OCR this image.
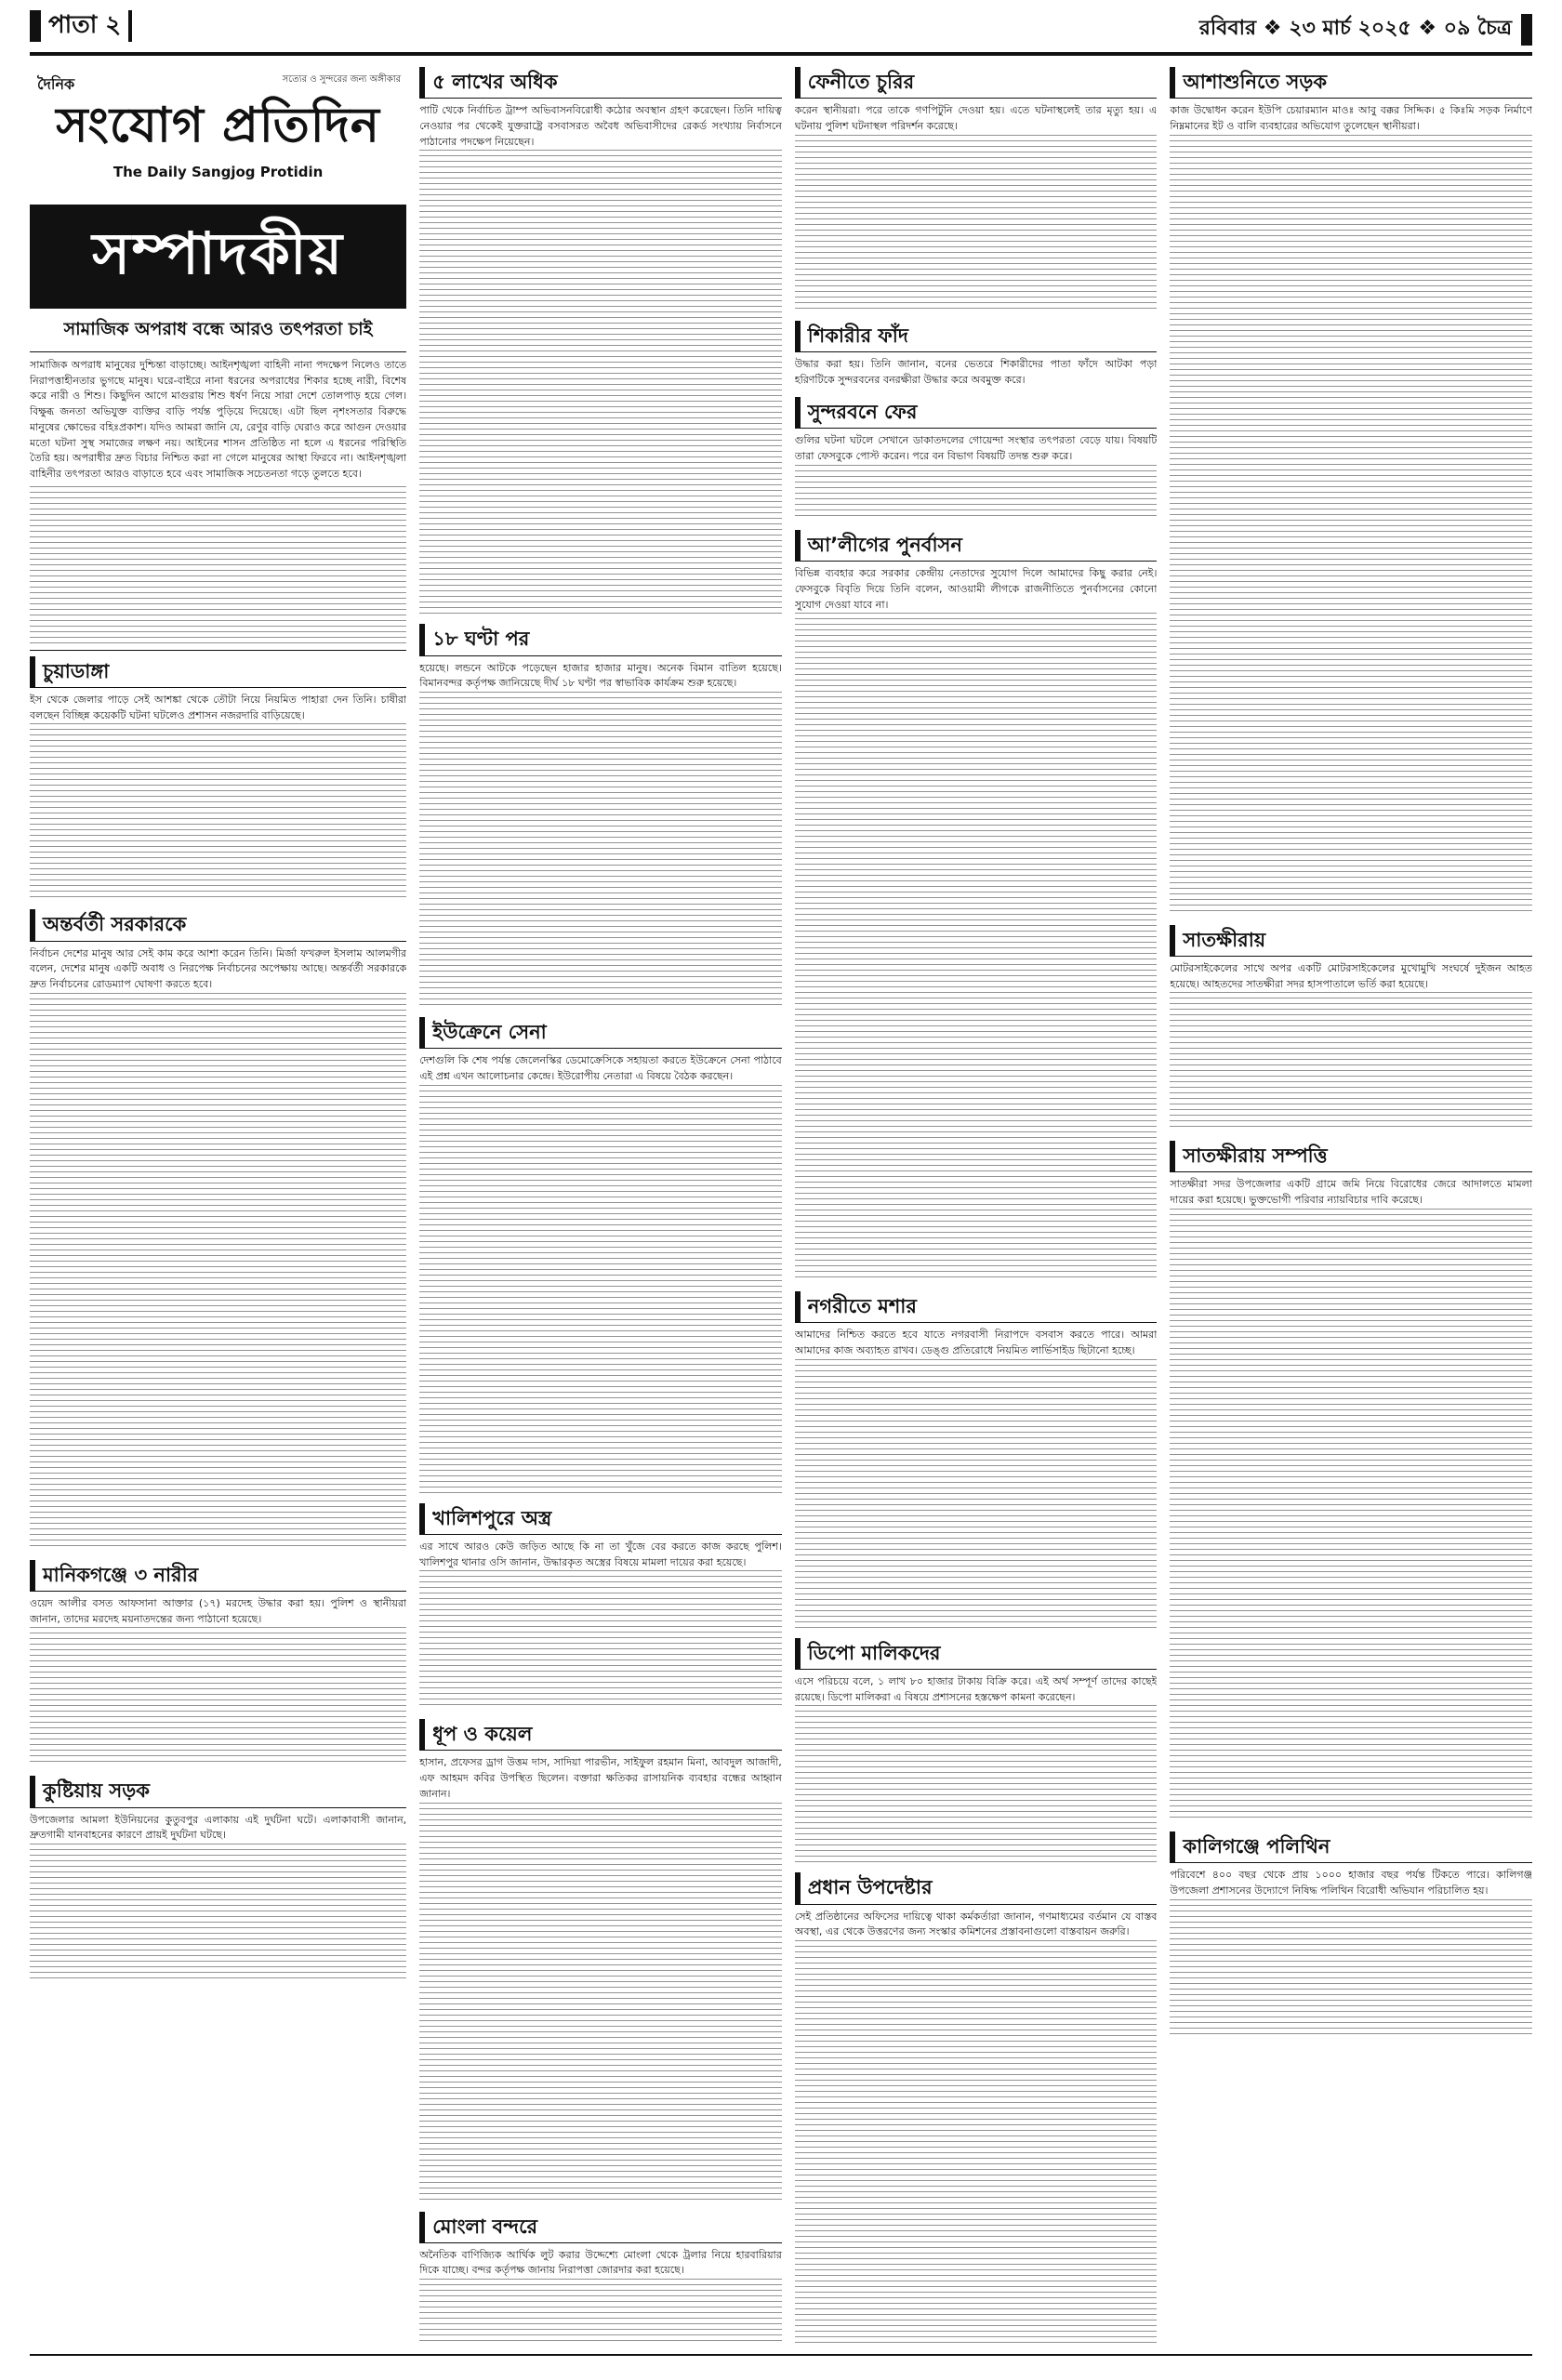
পাতা ২	রবিবার ❖ ২৩ মার্চ ২০২৫ ❖ ০৯ চৈত্র
দৈনিক	সত্যের ও সুন্দরের জন্য অঙ্গীকার
সংযোগ প্রতিদিন
The Daily Sangjog Protidin
সম্পাদকীয়
সামাজিক অপরাধ বন্ধে আরও তৎপরতা চাই
সামাজিক অপরাধ মানুষের দুশ্চিন্তা বাড়াচ্ছে। আইনশৃঙ্খলা বাহিনী নানা পদক্ষেপ নিলেও তাতে নিরাপত্তাহীনতার ভুগছে মানুষ। ঘরে-বাইরে নানা ধরনের অপরাধের শিকার হচ্ছে নারী, বিশেষ করে নারী ও শিশু। কিছুদিন আগে মাগুরায় শিশু ধর্ষণ নিয়ে সারা দেশে তোলপাড় হয়ে গেল। বিক্ষুব্ধ জনতা অভিযুক্ত ব্যক্তির বাড়ি পর্যন্ত পুড়িয়ে দিয়েছে। এটা ছিল নৃশংসতার বিরুদ্ধে মানুষের ক্ষোভের বহিঃপ্রকাশ। যদিও আমরা জানি যে, রেণুর বাড়ি ঘেরাও করে আগুন দেওয়ার মতো ঘটনা সুস্থ সমাজের লক্ষণ নয়। আইনের শাসন প্রতিষ্ঠিত না হলে এ ধরনের পরিস্থিতি তৈরি হয়। অপরাধীর দ্রুত বিচার নিশ্চিত করা না গেলে মানুষের আস্থা ফিরবে না। আইনশৃঙ্খলা বাহিনীর তৎপরতা আরও বাড়াতে হবে এবং সামাজিক সচেতনতা গড়ে তুলতে হবে।
চুয়াডাঙ্গা
ইস থেকে জেলার পাড়ে সেই আশঙ্কা থেকে তৌটা নিয়ে নিয়মিত পাহারা দেন তিনি। চাষীরা বলছেন বিচ্ছিন্ন কয়েকটি ঘটনা ঘটলেও প্রশাসন নজরদারি বাড়িয়েছে।
অন্তর্বর্তী সরকারকে
নির্বাচন দেশের মানুষ আর সেই কাম করে আশা করেন তিনি। মির্জা ফখরুল ইসলাম আলমগীর বলেন, দেশের মানুষ একটি অবাধ ও নিরপেক্ষ নির্বাচনের অপেক্ষায় আছে। অন্তর্বর্তী সরকারকে দ্রুত নির্বাচনের রোডম্যাপ ঘোষণা করতে হবে।
মানিকগঞ্জে ৩ নারীর
ওয়েদ আলীর বসত আফসানা আক্তার (১৭) মরদেহ উদ্ধার করা হয়। পুলিশ ও স্থানীয়রা জানান, তাদের মরদেহ ময়নাতদন্তের জন্য পাঠানো হয়েছে।
কুষ্টিয়ায় সড়ক
উপজেলার আমলা ইউনিয়নের কুতুবপুর এলাকায় এই দুর্ঘটনা ঘটে। এলাকাবাসী জানান, দ্রুতগামী যানবাহনের কারণে প্রায়ই দুর্ঘটনা ঘটছে।
৫ লাখের অধিক
পাটি থেকে নির্বাচিত ট্রাম্প অভিবাসনবিরোধী কঠোর অবস্থান গ্রহণ করেছেন। তিনি দায়িত্ব নেওয়ার পর থেকেই যুক্তরাষ্ট্রে বসবাসরত অবৈধ অভিবাসীদের রেকর্ড সংখ্যায় নির্বাসনে পাঠানোর পদক্ষেপ নিয়েছেন।
১৮ ঘণ্টা পর
হয়েছে। লন্ডনে আটকে পড়েছেন হাজার হাজার মানুষ। অনেক বিমান বাতিল হয়েছে। বিমানবন্দর কর্তৃপক্ষ জানিয়েছে দীর্ঘ ১৮ ঘণ্টা পর স্বাভাবিক কার্যক্রম শুরু হয়েছে।
ইউক্রেনে সেনা
দেশগুলি কি শেষ পর্যন্ত জেলেনস্কির ডেমোক্রেসিকে সহায়তা করতে ইউক্রেনে সেনা পাঠাবে এই প্রশ্ন এখন আলোচনার কেন্দ্রে। ইউরোপীয় নেতারা এ বিষয়ে বৈঠক করছেন।
খালিশপুরে অস্ত্র
এর সাথে আরও কেউ জড়িত আছে কি না তা খুঁজে বের করতে কাজ করছে পুলিশ। খালিশপুর থানার ওসি জানান, উদ্ধারকৃত অস্ত্রের বিষয়ে মামলা দায়ের করা হয়েছে।
ধূপ ও কয়েল
হাসান, প্রফেসর ড্রাগ উত্তম দাস, সাদিয়া পারভীন, সাইফুল রহমান মিনা, আবদুল আজাদী, এফ আহমদ কবির উপস্থিত ছিলেন। বক্তারা ক্ষতিকর রাসায়নিক ব্যবহার বন্ধের আহ্বান জানান।
মোংলা বন্দরে
অনৈতিক বাণিজ্যিক আর্থিক লুট করার উদ্দেশ্যে মোংলা থেকে ট্রলার নিয়ে হারবারিয়ার দিকে যাচ্ছে। বন্দর কর্তৃপক্ষ জানায় নিরাপত্তা জোরদার করা হয়েছে।
ফেনীতে চুরির
করেন স্থানীয়রা। পরে তাকে গণপিটুনি দেওয়া হয়। এতে ঘটনাস্থলেই তার মৃত্যু হয়। এ ঘটনায় পুলিশ ঘটনাস্থল পরিদর্শন করেছে।
শিকারীর ফাঁদ
উদ্ধার করা হয়। তিনি জানান, বনের ভেতরে শিকারীদের পাতা ফাঁদে আটকা পড়া হরিণটিকে সুন্দরবনের বনরক্ষীরা উদ্ধার করে অবমুক্ত করে।
সুন্দরবনে ফের
গুলির ঘটনা ঘটলে সেখানে ডাকাতদলের গোয়েন্দা সংস্থার তৎপরতা বেড়ে যায়। বিষয়টি তারা ফেসবুকে পোস্ট করেন। পরে বন বিভাগ বিষয়টি তদন্ত শুরু করে।
আ’লীগের পুনর্বাসন
বিভিন্ন ব্যবহার করে সরকার কেন্দ্রীয় নেতাদের সুযোগ দিলে আমাদের কিছু করার নেই। ফেসবুকে বিবৃতি দিয়ে তিনি বলেন, আওয়ামী লীগকে রাজনীতিতে পুনর্বাসনের কোনো সুযোগ দেওয়া যাবে না।
নগরীতে মশার
আমাদের নিশ্চিত করতে হবে যাতে নগরবাসী নিরাপদে বসবাস করতে পারে। আমরা আমাদের কাজ অব্যাহত রাখব। ডেঙ্গু প্রতিরোধে নিয়মিত লার্ভিসাইড ছিটানো হচ্ছে।
ডিপো মালিকদের
এসে পরিচয়ে বলে, ১ লাখ ৮০ হাজার টাকায় বিক্রি করে। এই অর্থ সম্পূর্ণ তাদের কাছেই রয়েছে। ডিপো মালিকরা এ বিষয়ে প্রশাসনের হস্তক্ষেপ কামনা করেছেন।
প্রধান উপদেষ্টার
সেই প্রতিষ্ঠানের অফিসের দায়িত্বে থাকা কর্মকর্তারা জানান, গণমাধ্যমের বর্তমান যে বাস্তব অবস্থা, এর থেকে উত্তরণের জন্য সংস্কার কমিশনের প্রস্তাবনাগুলো বাস্তবায়ন জরুরি।
আশাশুনিতে সড়ক
কাজ উদ্বোধন করেন ইউপি চেয়ারম্যান মাওঃ আবু বক্কর সিদ্দিক। ৫ কিঃমি সড়ক নির্মাণে নিম্নমানের ইট ও বালি ব্যবহারের অভিযোগ তুলেছেন স্থানীয়রা।
সাতক্ষীরায়
মোটরসাইকেলের সাথে অপর একটি মোটরসাইকেলের মুখোমুখি সংঘর্ষে দুইজন আহত হয়েছে। আহতদের সাতক্ষীরা সদর হাসপাতালে ভর্তি করা হয়েছে।
সাতক্ষীরায় সম্পত্তি
সাতক্ষীরা সদর উপজেলার একটি গ্রামে জমি নিয়ে বিরোধের জেরে আদালতে মামলা দায়ের করা হয়েছে। ভুক্তভোগী পরিবার ন্যায়বিচার দাবি করেছে।
কালিগঞ্জে পলিথিন
পরিবেশে ৪০০ বছর থেকে প্রায় ১০০০ হাজার বছর পর্যন্ত টিকতে পারে। কালিগঞ্জ উপজেলা প্রশাসনের উদ্যোগে নিষিদ্ধ পলিথিন বিরোধী অভিযান পরিচালিত হয়।
